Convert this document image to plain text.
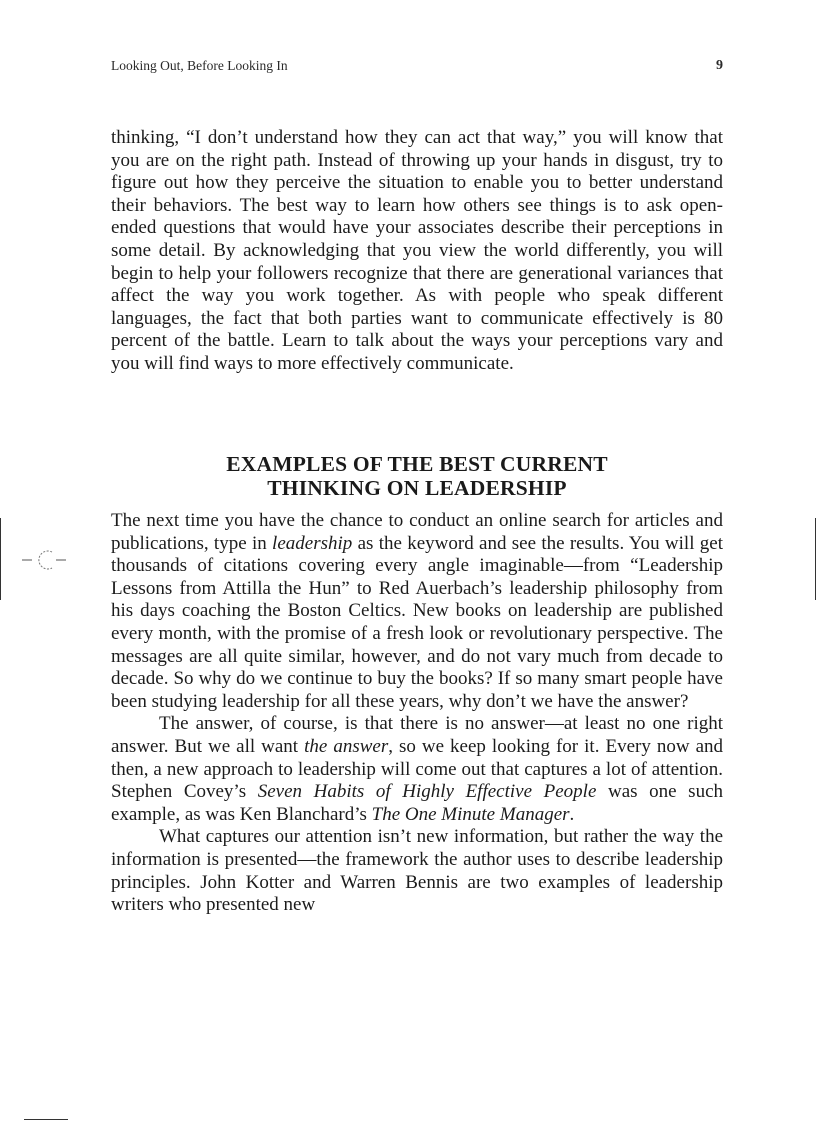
Looking Out, Before Looking In	9

thinking, “I don’t understand how they can act that way,” you will know that you are on the right path. Instead of throwing up your hands in disgust, try to figure out how they perceive the situation to enable you to better understand their behaviors. The best way to learn how others see things is to ask open-ended questions that would have your associates describe their perceptions in some detail. By acknowledging that you view the world differently, you will begin to help your followers recognize that there are generational variances that affect the way you work together. As with people who speak different languages, the fact that both parties want to communicate effectively is 80 percent of the battle. Learn to talk about the ways your perceptions vary and you will find ways to more effectively communicate.

EXAMPLES OF THE BEST CURRENT
THINKING ON LEADERSHIP

The next time you have the chance to conduct an online search for articles and publications, type in leadership as the keyword and see the results. You will get thousands of citations covering every angle imaginable—from “Leadership Lessons from Attilla the Hun” to Red Auerbach’s leadership philosophy from his days coaching the Boston Celtics. New books on leadership are published every month, with the promise of a fresh look or revolutionary perspective. The messages are all quite similar, however, and do not vary much from decade to decade. So why do we continue to buy the books? If so many smart people have been studying leadership for all these years, why don’t we have the answer?

The answer, of course, is that there is no answer—at least no one right answer. But we all want the answer, so we keep looking for it. Every now and then, a new approach to leadership will come out that captures a lot of attention. Stephen Covey’s Seven Habits of Highly Effective People was one such example, as was Ken Blanchard’s The One Minute Manager.

What captures our attention isn’t new information, but rather the way the information is presented—the framework the author uses to describe leadership principles. John Kotter and Warren Bennis are two examples of leadership writers who presented new
